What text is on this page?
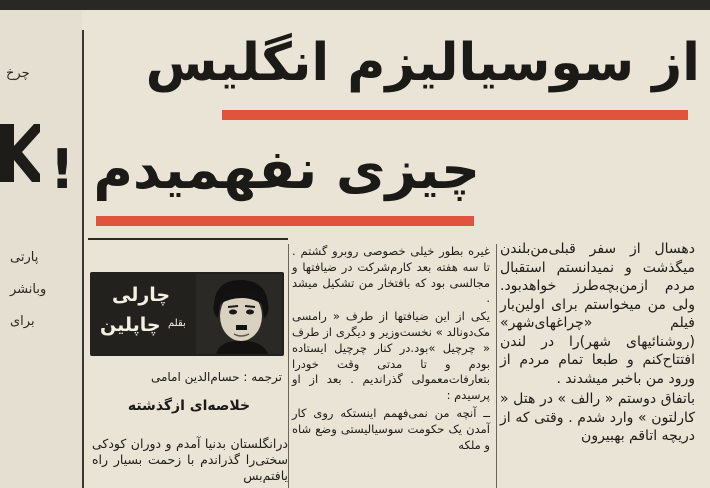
چرخ
پارتی
وبانشر
برای
از سوسیالیزم انگلیس
چیزی نفهمیدم !

دهسال از سفر قبلی‌من‌بلندن میگذشت و نمیدانستم استقبال مردم از‌من‌بچه‌طرز خواهدبود. ولی من میخواستم برای اولین‌بار فیلم «چراغهای‌شهر» (روشنائیهای شهر)را در لندن افتتاح‌کنم و طبعا تمام مردم از ورود من باخبر میشدند .

باتفاق دوستم « رالف » در هتل « کارلتون » وارد شدم . وقتی که از دریچه اتاقم بهبیرون

غیره بطور خیلی خصوصی روبرو گشتم . تا سه هفته بعد کارم‌شرکت در ضیافتها و مجالسی بود که بافتخار من تشکیل میشد .

یکی از این ضیافتها از طرف « رامسی مک‌دونالد » نخست‌وزیر و دیگری از طرف « چرچیل »بود.در کنار چرچیل ایستاده بودم و تا مدتی وقت خودرا بتعارفات‌معمولی گذراندیم . بعد از او پرسیدم :

ــ آنچه من نمی‌فهمم اینستکه روی کار آمدن یک حکومت سوسیالیستی وضع شاه و ملکه

چارلی
بقلم
چاپلین
ترجمه : حسام‌الدین امامی
خلاصه‌ای از‌گذشته

درانگلستان بدنیا آمدم و دوران کودکی سختی‌را گذراندم با زحمت بسیار راه یافتم‌بس
